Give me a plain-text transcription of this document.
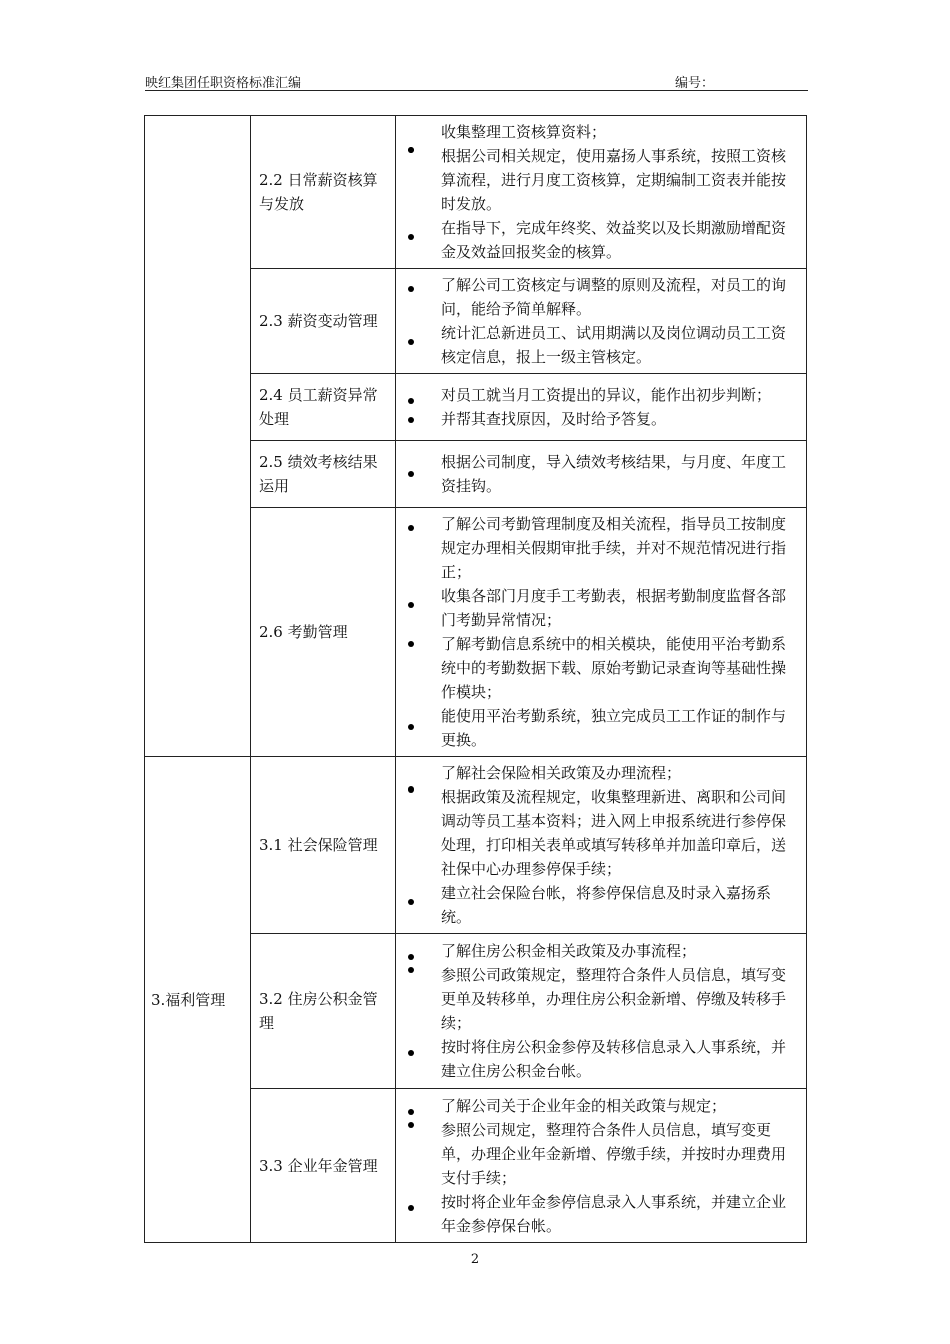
映红集团任职资格标准汇编	编号：
	2.2 日常薪资核算与发放	收集整理工资核算资料；
根据公司相关规定，使用嘉扬人事系统，按照工资核算流程，进行月度工资核算，定期编制工资表并能按时发放。
在指导下，完成年终奖、效益奖以及长期激励增配资金及效益回报奖金的核算。

	2.3 薪资变动管理	了解公司工资核定与调整的原则及流程，对员工的询问，能给予简单解释。
统计汇总新进员工、试用期满以及岗位调动员工工资核定信息，报上一级主管核定。

	2.4 员工薪资异常处理	对员工就当月工资提出的异议，能作出初步判断；
并帮其查找原因，及时给予答复。

	2.5 绩效考核结果运用	根据公司制度，导入绩效考核结果，与月度、年度工资挂钩。

	2.6 考勤管理	了解公司考勤管理制度及相关流程，指导员工按制度规定办理相关假期审批手续，并对不规范情况进行指正；
收集各部门月度手工考勤表，根据考勤制度监督各部门考勤异常情况；
了解考勤信息系统中的相关模块，能使用平治考勤系统中的考勤数据下载、原始考勤记录查询等基础性操作模块；
能使用平治考勤系统，独立完成员工工作证的制作与更换。

3.福利管理	3.1 社会保险管理	了解社会保险相关政策及办理流程；
根据政策及流程规定，收集整理新进、离职和公司间调动等员工基本资料；进入网上申报系统进行参停保处理，打印相关表单或填写转移单并加盖印章后，送社保中心办理参停保手续；
建立社会保险台帐，将参停保信息及时录入嘉扬系统。

	3.2 住房公积金管理	了解住房公积金相关政策及办事流程；
参照公司政策规定，整理符合条件人员信息，填写变更单及转移单，办理住房公积金新增、停缴及转移手续；
按时将住房公积金参停及转移信息录入人事系统，并建立住房公积金台帐。

	3.3 企业年金管理	了解公司关于企业年金的相关政策与规定；
参照公司规定，整理符合条件人员信息，填写变更单，办理企业年金新增、停缴手续，并按时办理费用支付手续；
按时将企业年金参停信息录入人事系统，并建立企业年金参停保台帐。
2
